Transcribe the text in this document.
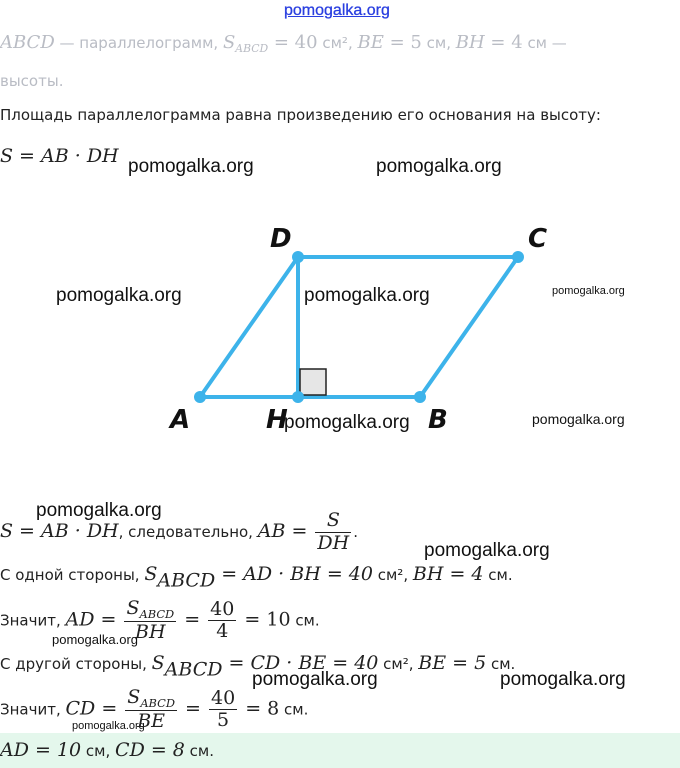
pomogalka.org
pomogalka.org	pomogalka.org
pomogalka.org	pomogalka.org	pomogalka.org
pomogalka.org	pomogalka.org
pomogalka.org
pomogalka.org
pomogalka.org
pomogalka.org	pomogalka.org
pomogalka.org
ABCD — параллелограмм, $S_{ABCD} = 40$ см², BE = 5 см, BH = 4 см —
высоты.
Площадь параллелограмма равна произведению его основания на высоту:
S = AB · DH
A	H	B
C
D
S = AB · DH, следовательно, AB = $\frac{S}{DH}$ .
С одной стороны, SABCD = AD · BH = 40 см², BH = 4 см.
Значит, AD = $\frac{S_{ABCD}}{BH} = \frac{40}{4} = 10$ см.
С другой стороны, SABCD = CD · BE = 40 см², BE = 5 см.
Значит, CD = $\frac{S_{ABCD}}{BE} = \frac{40}{5} = 8$ см.
AD = 10 см, CD = 8 см.
